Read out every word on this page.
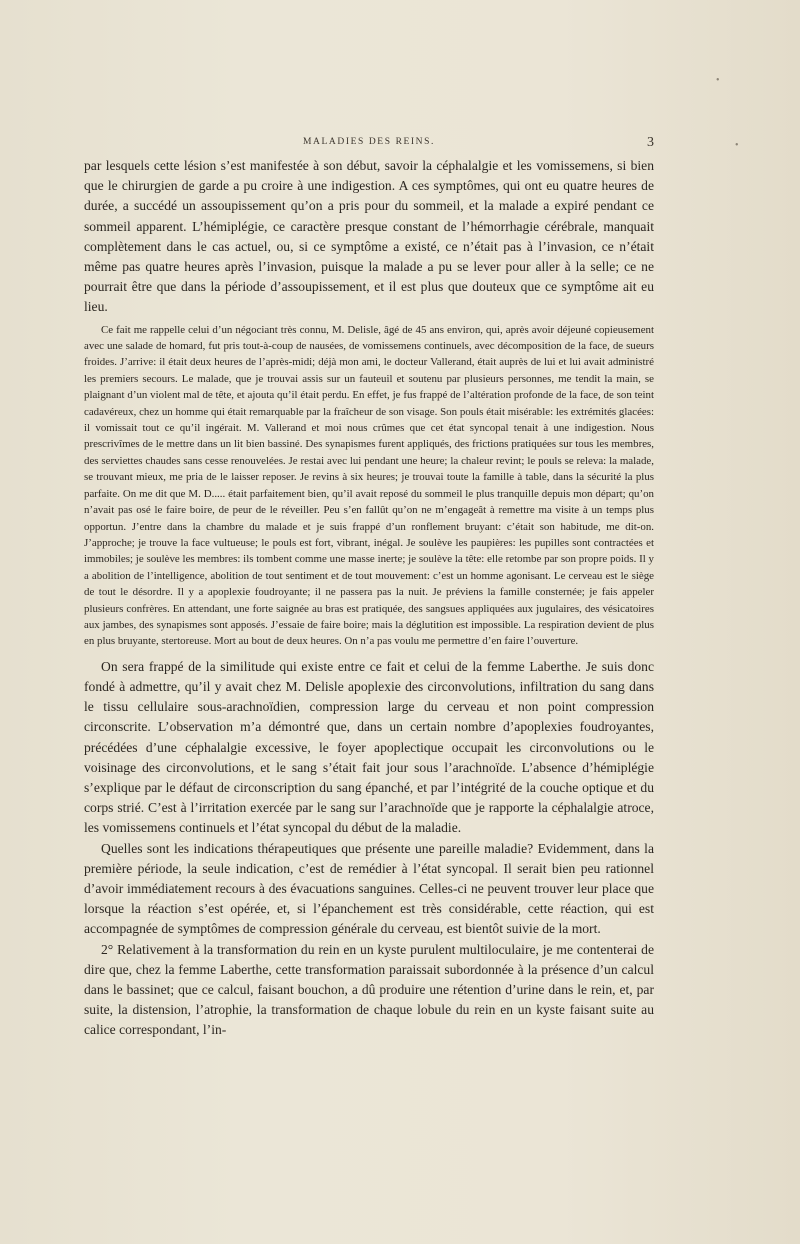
•
•
MALADIES DES REINS.	3

par lesquels cette lésion s’est manifestée à son début, savoir la céphalalgie et les vomissemens, si bien que le chirurgien de garde a pu croire à une indigestion. A ces symptômes, qui ont eu quatre heures de durée, a succédé un assoupissement qu’on a pris pour du sommeil, et la malade a expiré pendant ce sommeil apparent. L’hémiplégie, ce caractère presque constant de l’hémorrhagie cérébrale, manquait complètement dans le cas actuel, ou, si ce symptôme a existé, ce n’était pas à l’invasion, ce n’était même pas quatre heures après l’invasion, puisque la malade a pu se lever pour aller à la selle; ce ne pourrait être que dans la période d’assoupissement, et il est plus que douteux que ce symptôme ait eu lieu.

Ce fait me rappelle celui d’un négociant très connu, M. Delisle, âgé de 45 ans environ, qui, après avoir déjeuné copieusement avec une salade de homard, fut pris tout-à-coup de nausées, de vomissemens continuels, avec décomposition de la face, de sueurs froides. J’arrive: il était deux heures de l’après-midi; déjà mon ami, le docteur Vallerand, était auprès de lui et lui avait administré les premiers secours. Le malade, que je trouvai assis sur un fauteuil et soutenu par plusieurs personnes, me tendit la main, se plaignant d’un violent mal de tête, et ajouta qu’il était perdu. En effet, je fus frappé de l’altération profonde de la face, de son teint cadavéreux, chez un homme qui était remarquable par la fraîcheur de son visage. Son pouls était misérable: les extrémités glacées: il vomissait tout ce qu’il ingérait. M. Vallerand et moi nous crûmes que cet état syncopal tenait à une indigestion. Nous prescrivîmes de le mettre dans un lit bien bassiné. Des synapismes furent appliqués, des frictions pratiquées sur tous les membres, des serviettes chaudes sans cesse renouvelées. Je restai avec lui pendant une heure; la chaleur revint; le pouls se releva: la malade, se trouvant mieux, me pria de le laisser reposer. Je revins à six heures; je trouvai toute la famille à table, dans la sécurité la plus parfaite. On me dit que M. D..... était parfaitement bien, qu’il avait reposé du sommeil le plus tranquille depuis mon départ; qu’on n’avait pas osé le faire boire, de peur de le réveiller. Peu s’en fallût qu’on ne m’engageât à remettre ma visite à un temps plus opportun. J’entre dans la chambre du malade et je suis frappé d’un ronflement bruyant: c’était son habitude, me dit-on. J’approche; je trouve la face vultueuse; le pouls est fort, vibrant, inégal. Je soulève les paupières: les pupilles sont contractées et immobiles; je soulève les membres: ils tombent comme une masse inerte; je soulève la tête: elle retombe par son propre poids. Il y a abolition de l’intelligence, abolition de tout sentiment et de tout mouvement: c’est un homme agonisant. Le cerveau est le siège de tout le désordre. Il y a apoplexie foudroyante; il ne passera pas la nuit. Je préviens la famille consternée; je fais appeler plusieurs confrères. En attendant, une forte saignée au bras est pratiquée, des sangsues appliquées aux jugulaires, des vésicatoires aux jambes, des synapismes sont apposés. J’essaie de faire boire; mais la déglutition est impossible. La respiration devient de plus en plus bruyante, stertoreuse. Mort au bout de deux heures. On n’a pas voulu me permettre d’en faire l’ouverture.

On sera frappé de la similitude qui existe entre ce fait et celui de la femme Laberthe. Je suis donc fondé à admettre, qu’il y avait chez M. Delisle apoplexie des circonvolutions, infiltration du sang dans le tissu cellulaire sous-arachnoïdien, compression large du cerveau et non point compression circonscrite. L’observation m’a démontré que, dans un certain nombre d’apoplexies foudroyantes, précédées d’une céphalalgie excessive, le foyer apoplectique occupait les circonvolutions ou le voisinage des circonvolutions, et le sang s’était fait jour sous l’arachnoïde. L’absence d’hémiplégie s’explique par le défaut de circonscription du sang épanché, et par l’intégrité de la couche optique et du corps strié. C’est à l’irritation exercée par le sang sur l’arachnoïde que je rapporte la céphalalgie atroce, les vomissemens continuels et l’état syncopal du début de la maladie.

Quelles sont les indications thérapeutiques que présente une pareille maladie? Evidemment, dans la première période, la seule indication, c’est de remédier à l’état syncopal. Il serait bien peu rationnel d’avoir immédiatement recours à des évacuations sanguines. Celles-ci ne peuvent trouver leur place que lorsque la réaction s’est opérée, et, si l’épanchement est très considérable, cette réaction, qui est accompagnée de symptômes de compression générale du cerveau, est bientôt suivie de la mort.

2° Relativement à la transformation du rein en un kyste purulent multiloculaire, je me contenterai de dire que, chez la femme Laberthe, cette transformation paraissait subordonnée à la présence d’un calcul dans le bassinet; que ce calcul, faisant bouchon, a dû produire une rétention d’urine dans le rein, et, par suite, la distension, l’atrophie, la transformation de chaque lobule du rein en un kyste faisant suite au calice correspondant, l’in-
